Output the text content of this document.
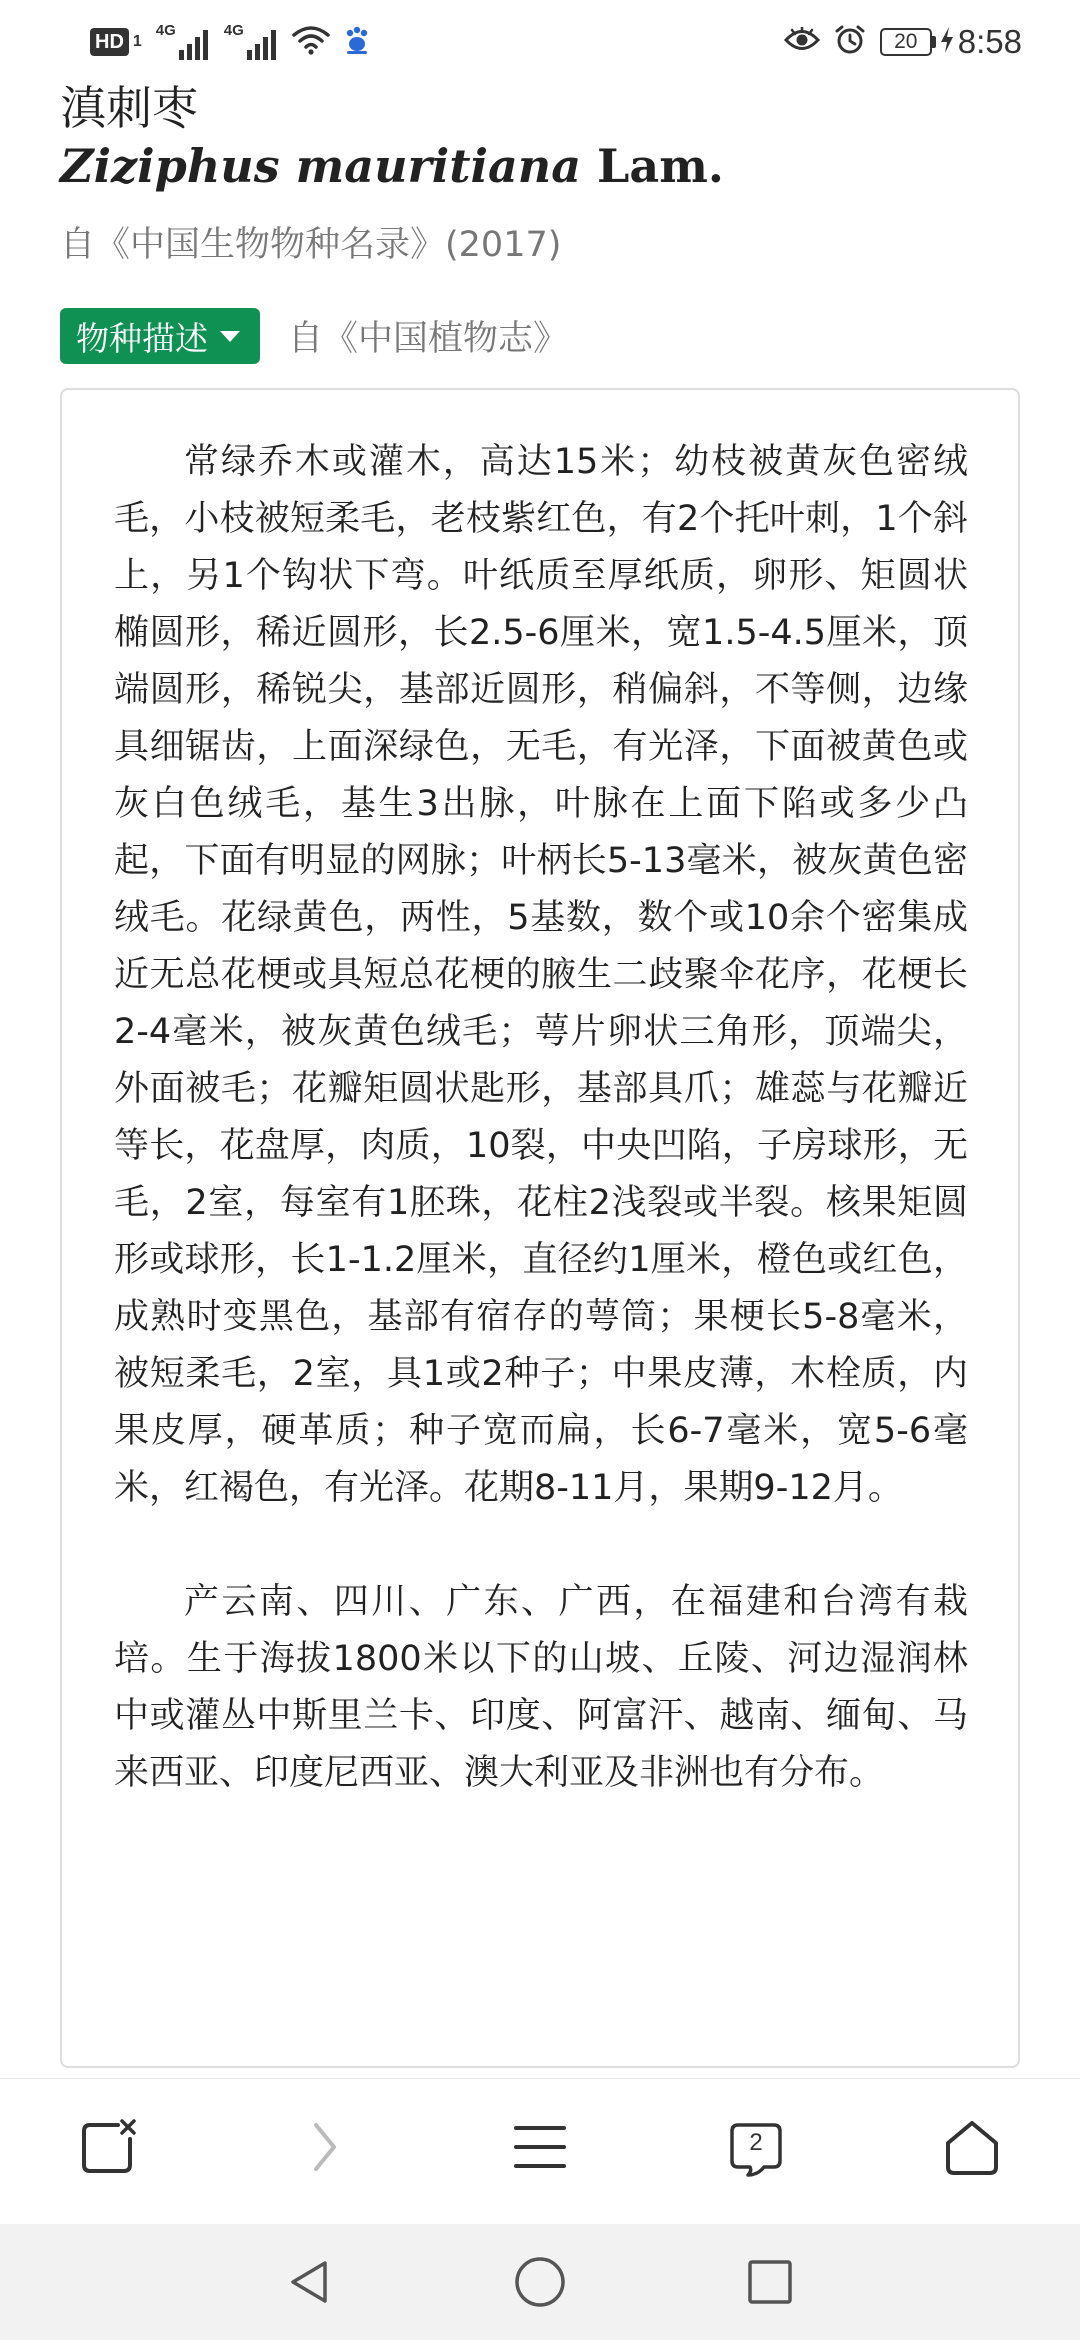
HD 1
4G	4G	20	8:58
滇刺枣
Ziziphus mauritiana Lam.
自《中国生物物种名录》(2017)
物种描述 自《中国植物志》

常绿乔木或灌木，高达15米；幼枝被黄灰色密绒毛，小枝被短柔毛，老枝紫红色，有2个托叶刺，1个斜上，另1个钩状下弯。叶纸质至厚纸质，卵形、矩圆状椭圆形，稀近圆形，长2.5-6厘米，宽1.5-4.5厘米，顶端圆形，稀锐尖，基部近圆形，稍偏斜，不等侧，边缘具细锯齿，上面深绿色，无毛，有光泽，下面被黄色或灰白色绒毛，基生3出脉，叶脉在上面下陷或多少凸起，下面有明显的网脉；叶柄长5-13毫米，被灰黄色密绒毛。花绿黄色，两性，5基数，数个或10余个密集成近无总花梗或具短总花梗的腋生二歧聚伞花序，花梗长2-4毫米，被灰黄色绒毛；萼片卵状三角形，顶端尖，外面被毛；花瓣矩圆状匙形，基部具爪；雄蕊与花瓣近等长，花盘厚，肉质，10裂，中央凹陷，子房球形，无毛，2室，每室有1胚珠，花柱2浅裂或半裂。核果矩圆形或球形，长1-1.2厘米，直径约1厘米，橙色或红色，成熟时变黑色，基部有宿存的萼筒；果梗长5-8毫米，被短柔毛，2室，具1或2种子；中果皮薄，木栓质，内果皮厚，硬革质；种子宽而扁，长6-7毫米，宽5-6毫米，红褐色，有光泽。花期8-11月，果期9-12月。

产云南、四川、广东、广西，在福建和台湾有栽培。生于海拔1800米以下的山坡、丘陵、河边湿润林中或灌丛中斯里兰卡、印度、阿富汗、越南、缅甸、马来西亚、印度尼西亚、澳大利亚及非洲也有分布。

2
